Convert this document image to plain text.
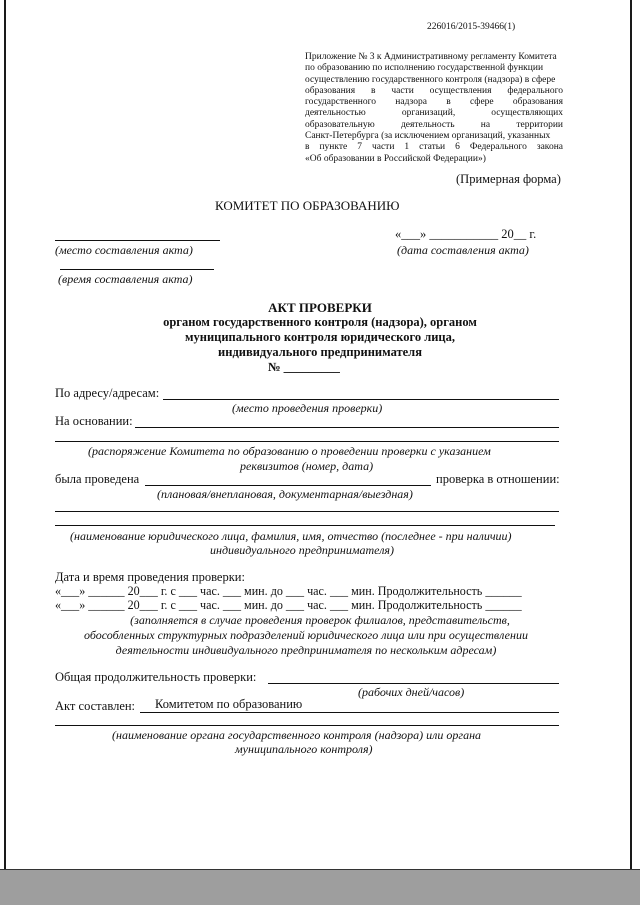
226016/2015-39466(1)
Приложение № 3 к Административному регламенту Комитета
по образованию по исполнению государственной функции
осуществлению государственного контроля (надзора) в сфере
образования в части осуществления федерального
государственного надзора в сфере образования
деятельностью организаций, осуществляющих
образовательную деятельность на территории
Санкт-Петербурга (за исключением организаций, указанных
в пункте 7 части 1 статьи 6 Федерального закона
«Об образовании в Российской Федерации»)
(Примерная форма)
КОМИТЕТ ПО ОБРАЗОВАНИЮ
«___» ___________ 20__ г.
(место составления акта)	(дата составления акта)
(время составления акта)
АКТ ПРОВЕРКИ
органом государственного контроля (надзора), органом
муниципального контроля юридического лица,
индивидуального предпринимателя
№ _________
По адресу/адресам:
(место проведения проверки)
На основании:
(распоряжение Комитета по образованию о проведении проверки с указанием
реквизитов (номер, дата)
была проведена	проверка в отношении:
(плановая/внеплановая, документарная/выездная)
(наименование юридического лица, фамилия, имя, отчество (последнее - при наличии)
индивидуального предпринимателя)
Дата и время проведения проверки:
«___» ______ 20___ г. с ___ час. ___ мин. до ___ час. ___ мин. Продолжительность ______
«___» ______ 20___ г. с ___ час. ___ мин. до ___ час. ___ мин. Продолжительность ______
(заполняется в случае проведения проверок филиалов, представительств,
обособленных структурных подразделений юридического лица или при осуществлении
деятельности индивидуального предпринимателя по нескольким адресам)
Общая продолжительность проверки:
(рабочих дней/часов)
Акт составлен: Комитетом по образованию
(наименование органа государственного контроля (надзора) или органа
муниципального контроля)
